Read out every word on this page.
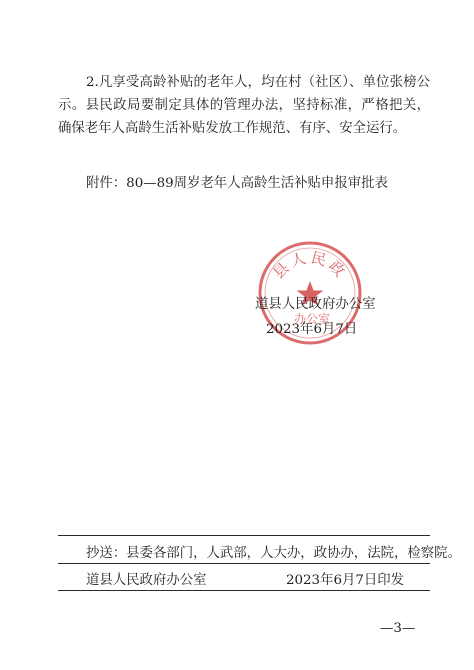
2.凡享受高龄补贴的老年人，均在村（社区）、单位张榜公示。县民政局要制定具体的管理办法，坚持标准，严格把关，确保老年人高龄生活补贴发放工作规范、有序、安全运行。

附件：80—89周岁老年人高龄生活补贴申报审批表
县人民政
办公室
道县人民政府办公室
2023年6月7日
抄送：县委各部门，人武部，人大办，政协办，法院，检察院。
道县人民政府办公室	2023年6月7日印发
—3—
